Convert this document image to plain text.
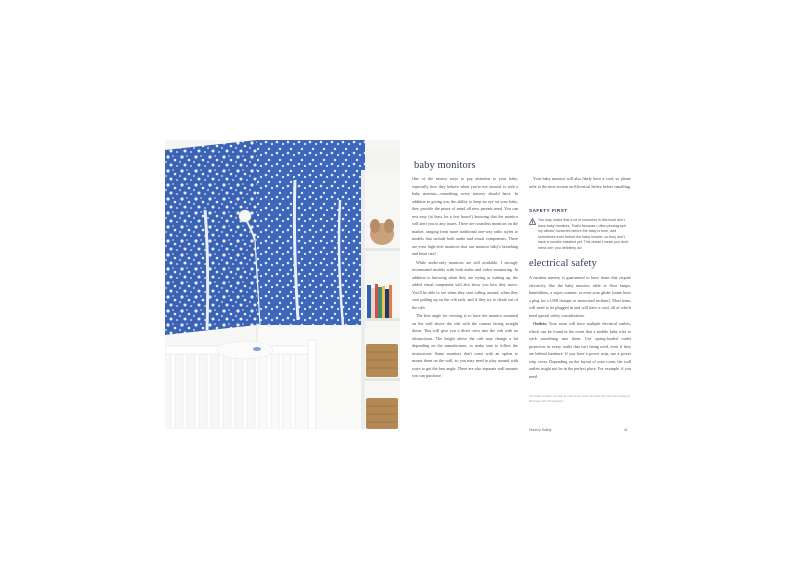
baby monitors

One of the easiest ways to pay attention to your baby, especially how they behave when you're not around, is with a baby monitor—something every nursery should have. In addition to giving you the ability to keep an eye on your baby, they provide the peace of mind all new parents need. You can rest easy (at least for a few hours!) knowing that the monitor will alert you to any issues. There are countless monitors on the market, ranging from more traditional one-way radio styles to models that include both audio and visual components. There are even high-tech monitors that can monitor baby's breathing and heart rate!

While audio-only monitors are still available, I strongly recommend models with both audio and video monitoring. In addition to knowing when they are crying or waking up, the added visual component will also show you how they move. You'll be able to see when they start rolling around, when they start pulling up on the crib rails, and if they try to climb out of the crib.

The best angle for viewing is to have the monitor mounted on the wall above the crib with the camera facing straight down. This will give you a direct view into the crib with no obstructions. The height above the crib may change a bit depending on the manufacturer, so make sure to follow the instructions. Some monitors don't come with an option to mount them on the wall, so you may need to play around with ways to get the best angle. There are also separate wall mounts you can purchase.

Your baby monitor will also likely have a cord, so please refer to the next section on Electrical Safety before installing.

SAFETY FIRST
You may notice that a lot of nurseries in this book don't have baby monitors. That's because I often photograph my clients' nurseries before the baby is born, and sometimes even before the baby shower, so they don't have a monitor installed yet. This doesn't mean you don't need one: you definitely do!
electrical safety

A modern nursery is guaranteed to have items that require electricity, like the baby monitor, table or floor lamps, humidifiers, a wipes warmer, or even your glider (some have a plug for a USB charger or motorized recliner). Most items will need to be plugged in and will have a cord, all of which need special safety consideration.

Outlets: Your room will have multiple electrical outlets, which can be found in the event that a mobile baby tries to stick something into them. Use spring-loaded outlet protectors in every outlet that isn't being used, even if they are behind furniture. If you have a power strip, use a power strip cover. Depending on the layout of your room, the wall outlets might not be in the perfect place. For example, if you need

Our dollar monitor can also be used so the cable ran down from the wall. Design by Bienmade Nest Photography.
Nursery Safety	41
